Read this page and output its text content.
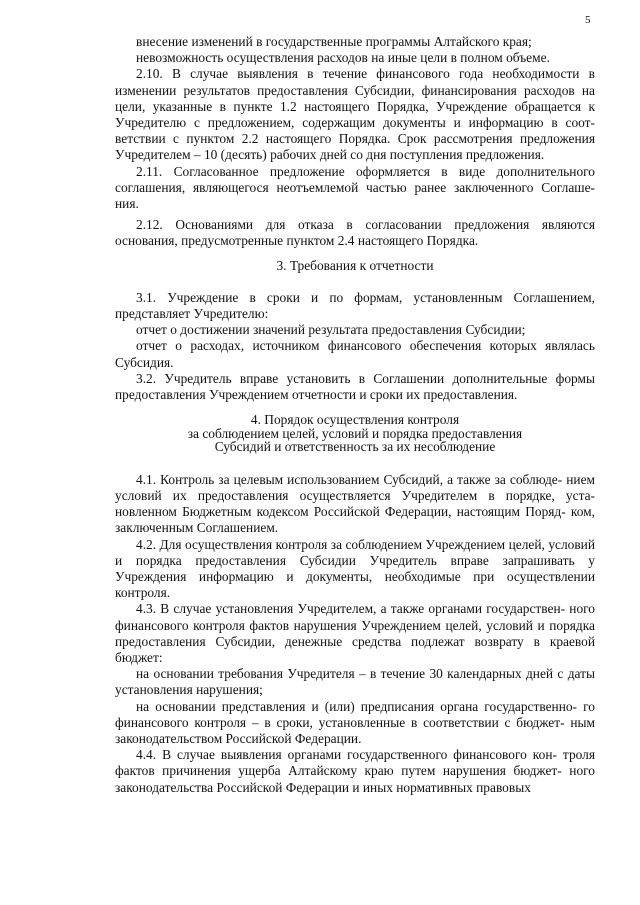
5

внесение изменений в государственные программы Алтайского края;

невозможность осуществления расходов на иные цели в полном объеме.

2.10. В случае выявления в течение финансового года необходимости в изменении результатов предоставления Субсидии, финансирования расходов на цели, указанные в пункте 1.2 настоящего Порядка, Учреждение обращается к Учредителю с предложением, содержащим документы и информацию в соот- ветствии с пунктом 2.2 настоящего Порядка. Срок рассмотрения предложения Учредителем – 10 (десять) рабочих дней со дня поступления предложения.

2.11. Согласованное предложение оформляется в виде дополнительного соглашения, являющегося неотъемлемой частью ранее заключенного Соглаше- ния.

2.12. Основаниями для отказа в согласовании предложения являются основания, предусмотренные пунктом 2.4 настоящего Порядка.

3. Требования к отчетности

3.1. Учреждение в сроки и по формам, установленным Соглашением, представляет Учредителю:

отчет о достижении значений результата предоставления Субсидии;

отчет о расходах, источником финансового обеспечения которых являлась Субсидия.

3.2. Учредитель вправе установить в Соглашении дополнительные формы предоставления Учреждением отчетности и сроки их предоставления.

4. Порядок осуществления контроля
за соблюдением целей, условий и порядка предоставления
Субсидий и ответственность за их несоблюдение

4.1. Контроль за целевым использованием Субсидий, а также за соблюде- нием условий их предоставления осуществляется Учредителем в порядке, уста- новленном Бюджетным кодексом Российской Федерации, настоящим Поряд- ком, заключенным Соглашением.

4.2. Для осуществления контроля за соблюдением Учреждением целей, условий и порядка предоставления Субсидии Учредитель вправе запрашивать у Учреждения информацию и документы, необходимые при осуществлении контроля.

4.3. В случае установления Учредителем, а также органами государствен- ного финансового контроля фактов нарушения Учреждением целей, условий и порядка предоставления Субсидии, денежные средства подлежат возврату в краевой бюджет:

на основании требования Учредителя – в течение 30 календарных дней с даты установления нарушения;

на основании представления и (или) предписания органа государственно- го финансового контроля – в сроки, установленные в соответствии с бюджет- ным законодательством Российской Федерации.

4.4. В случае выявления органами государственного финансового кон- троля фактов причинения ущерба Алтайскому краю путем нарушения бюджет- ного законодательства Российской Федерации и иных нормативных правовых
